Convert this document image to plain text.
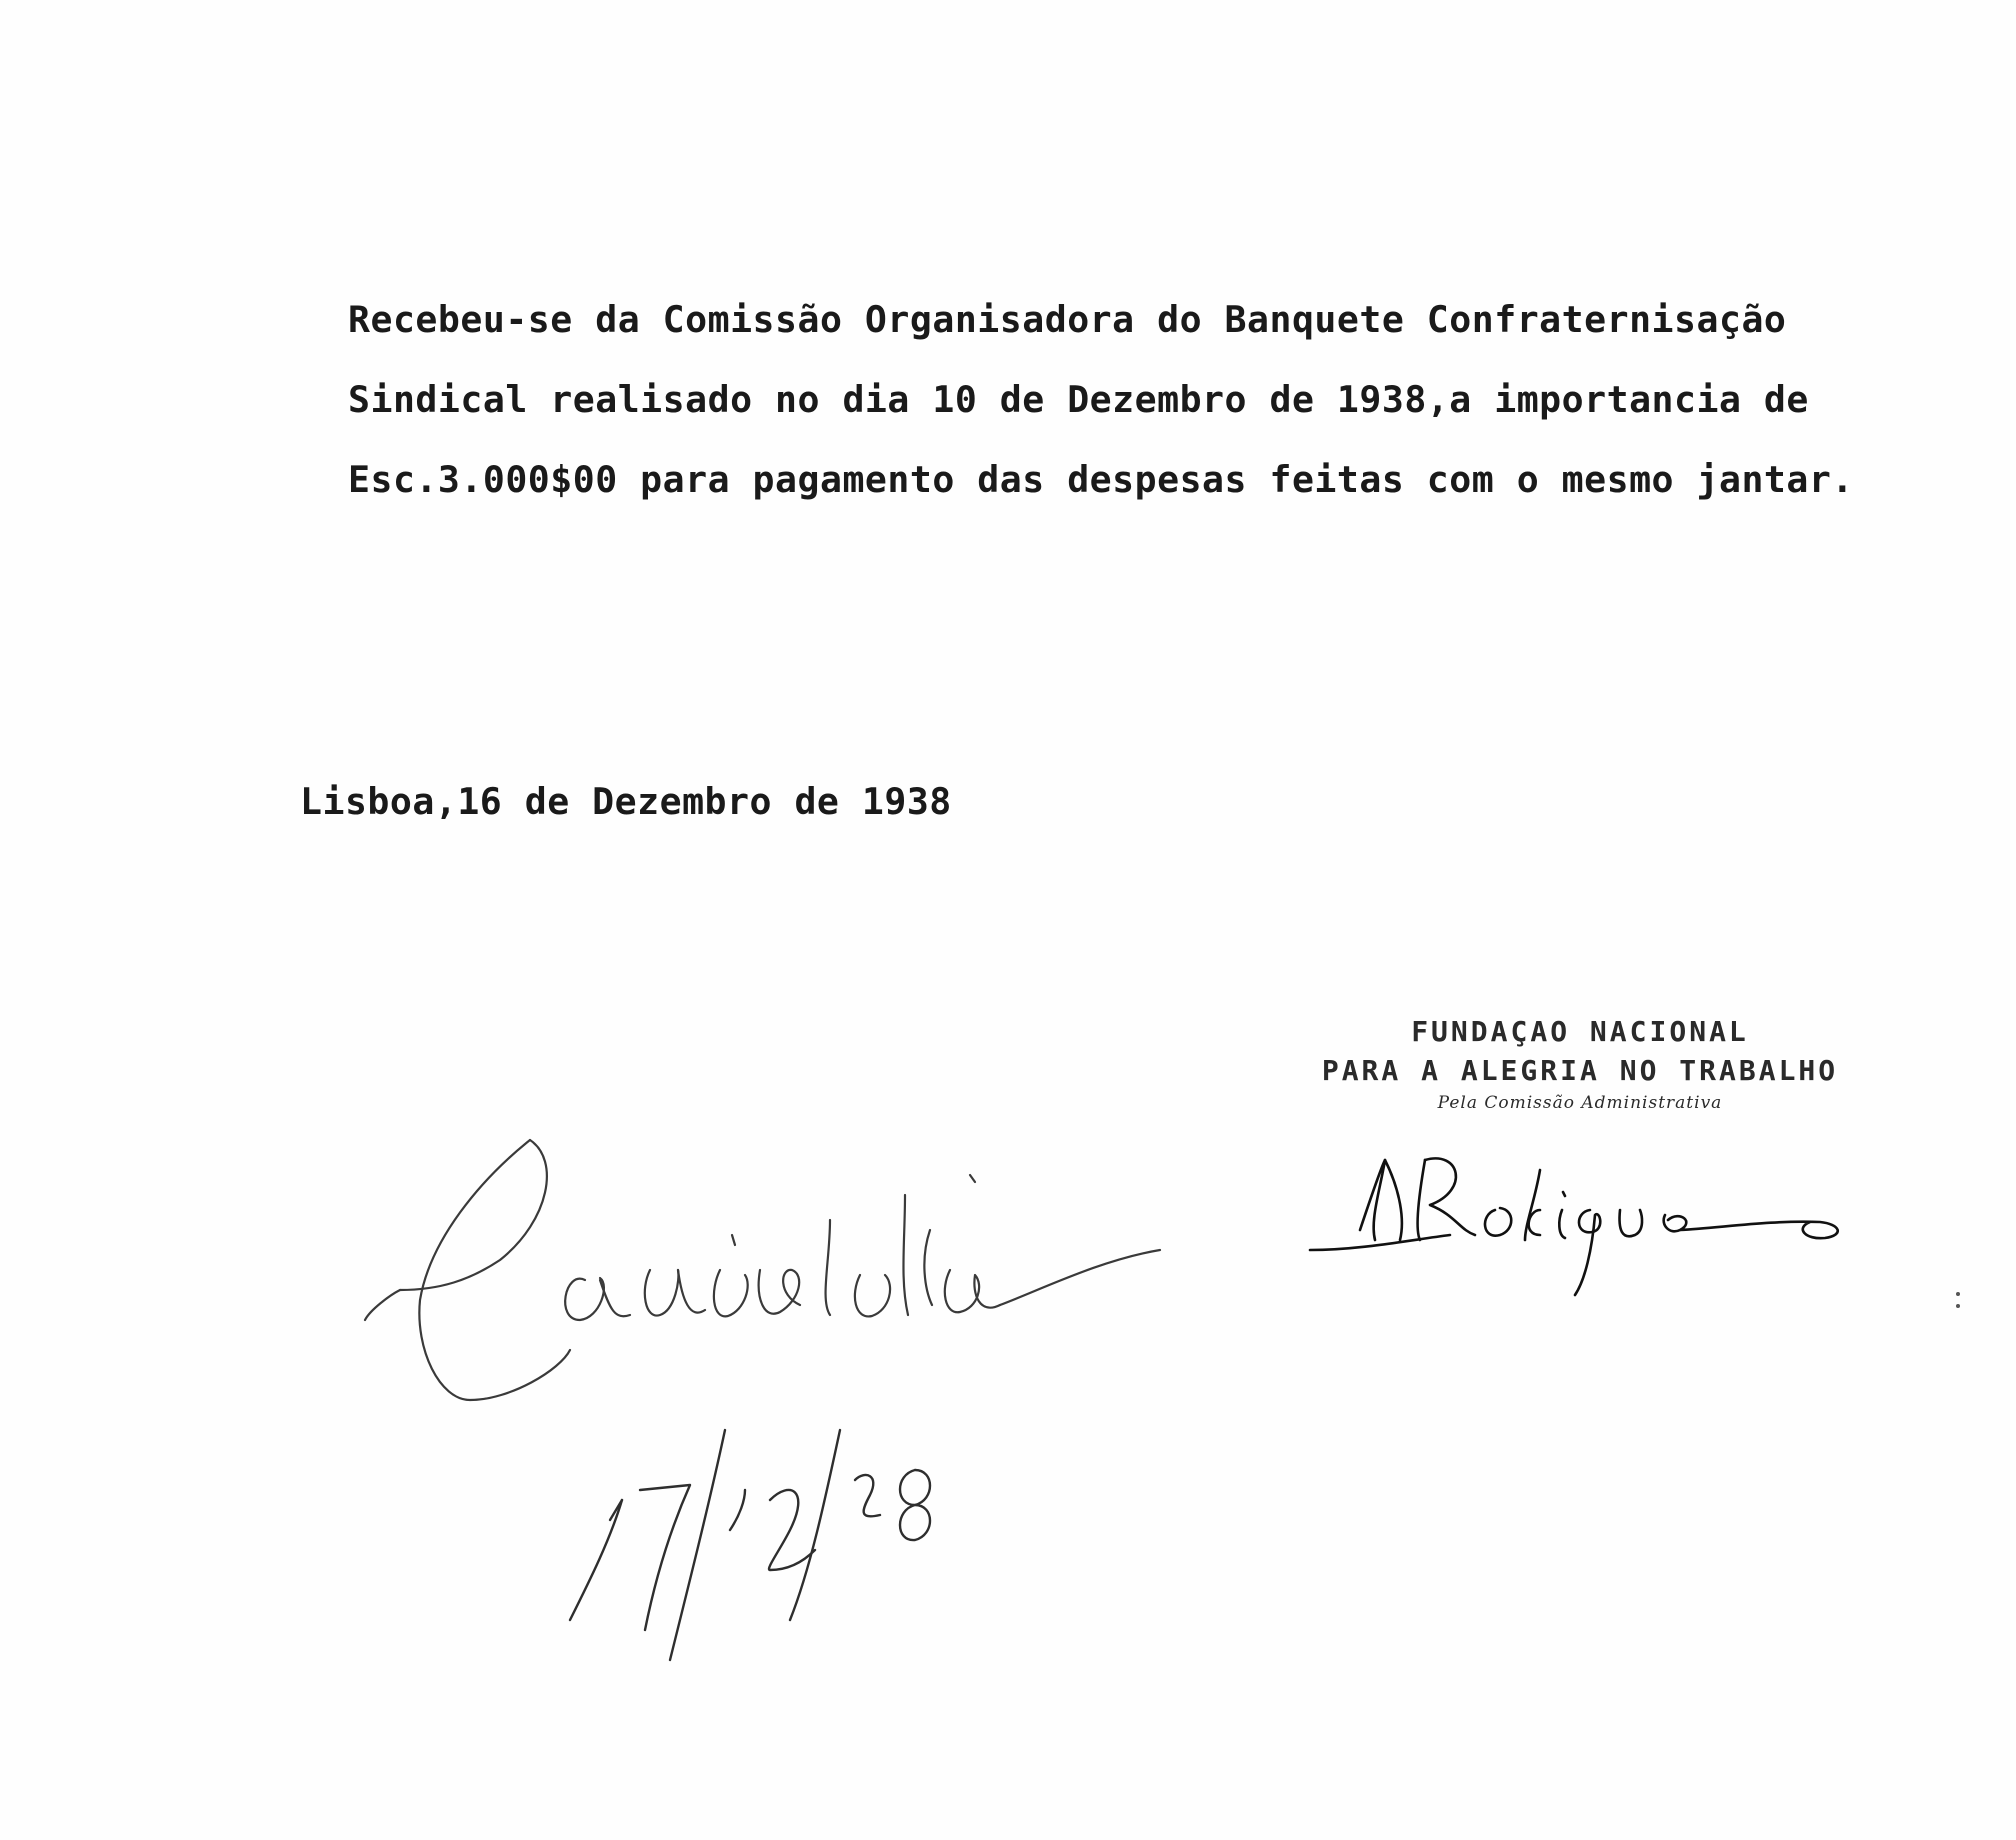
Recebeu-se da Comissão Organisadora do Banquete Confraternisação
Sindical realisado no dia 10 de Dezembro de 1938,a importancia de
Esc.3.000$00 para pagamento das despesas feitas com o mesmo jantar.
Lisboa,16 de Dezembro de 1938
FUNDAÇAO NACIONAL
PARA A ALEGRIA NO TRABALHO
Pela Comissão Administrativa
